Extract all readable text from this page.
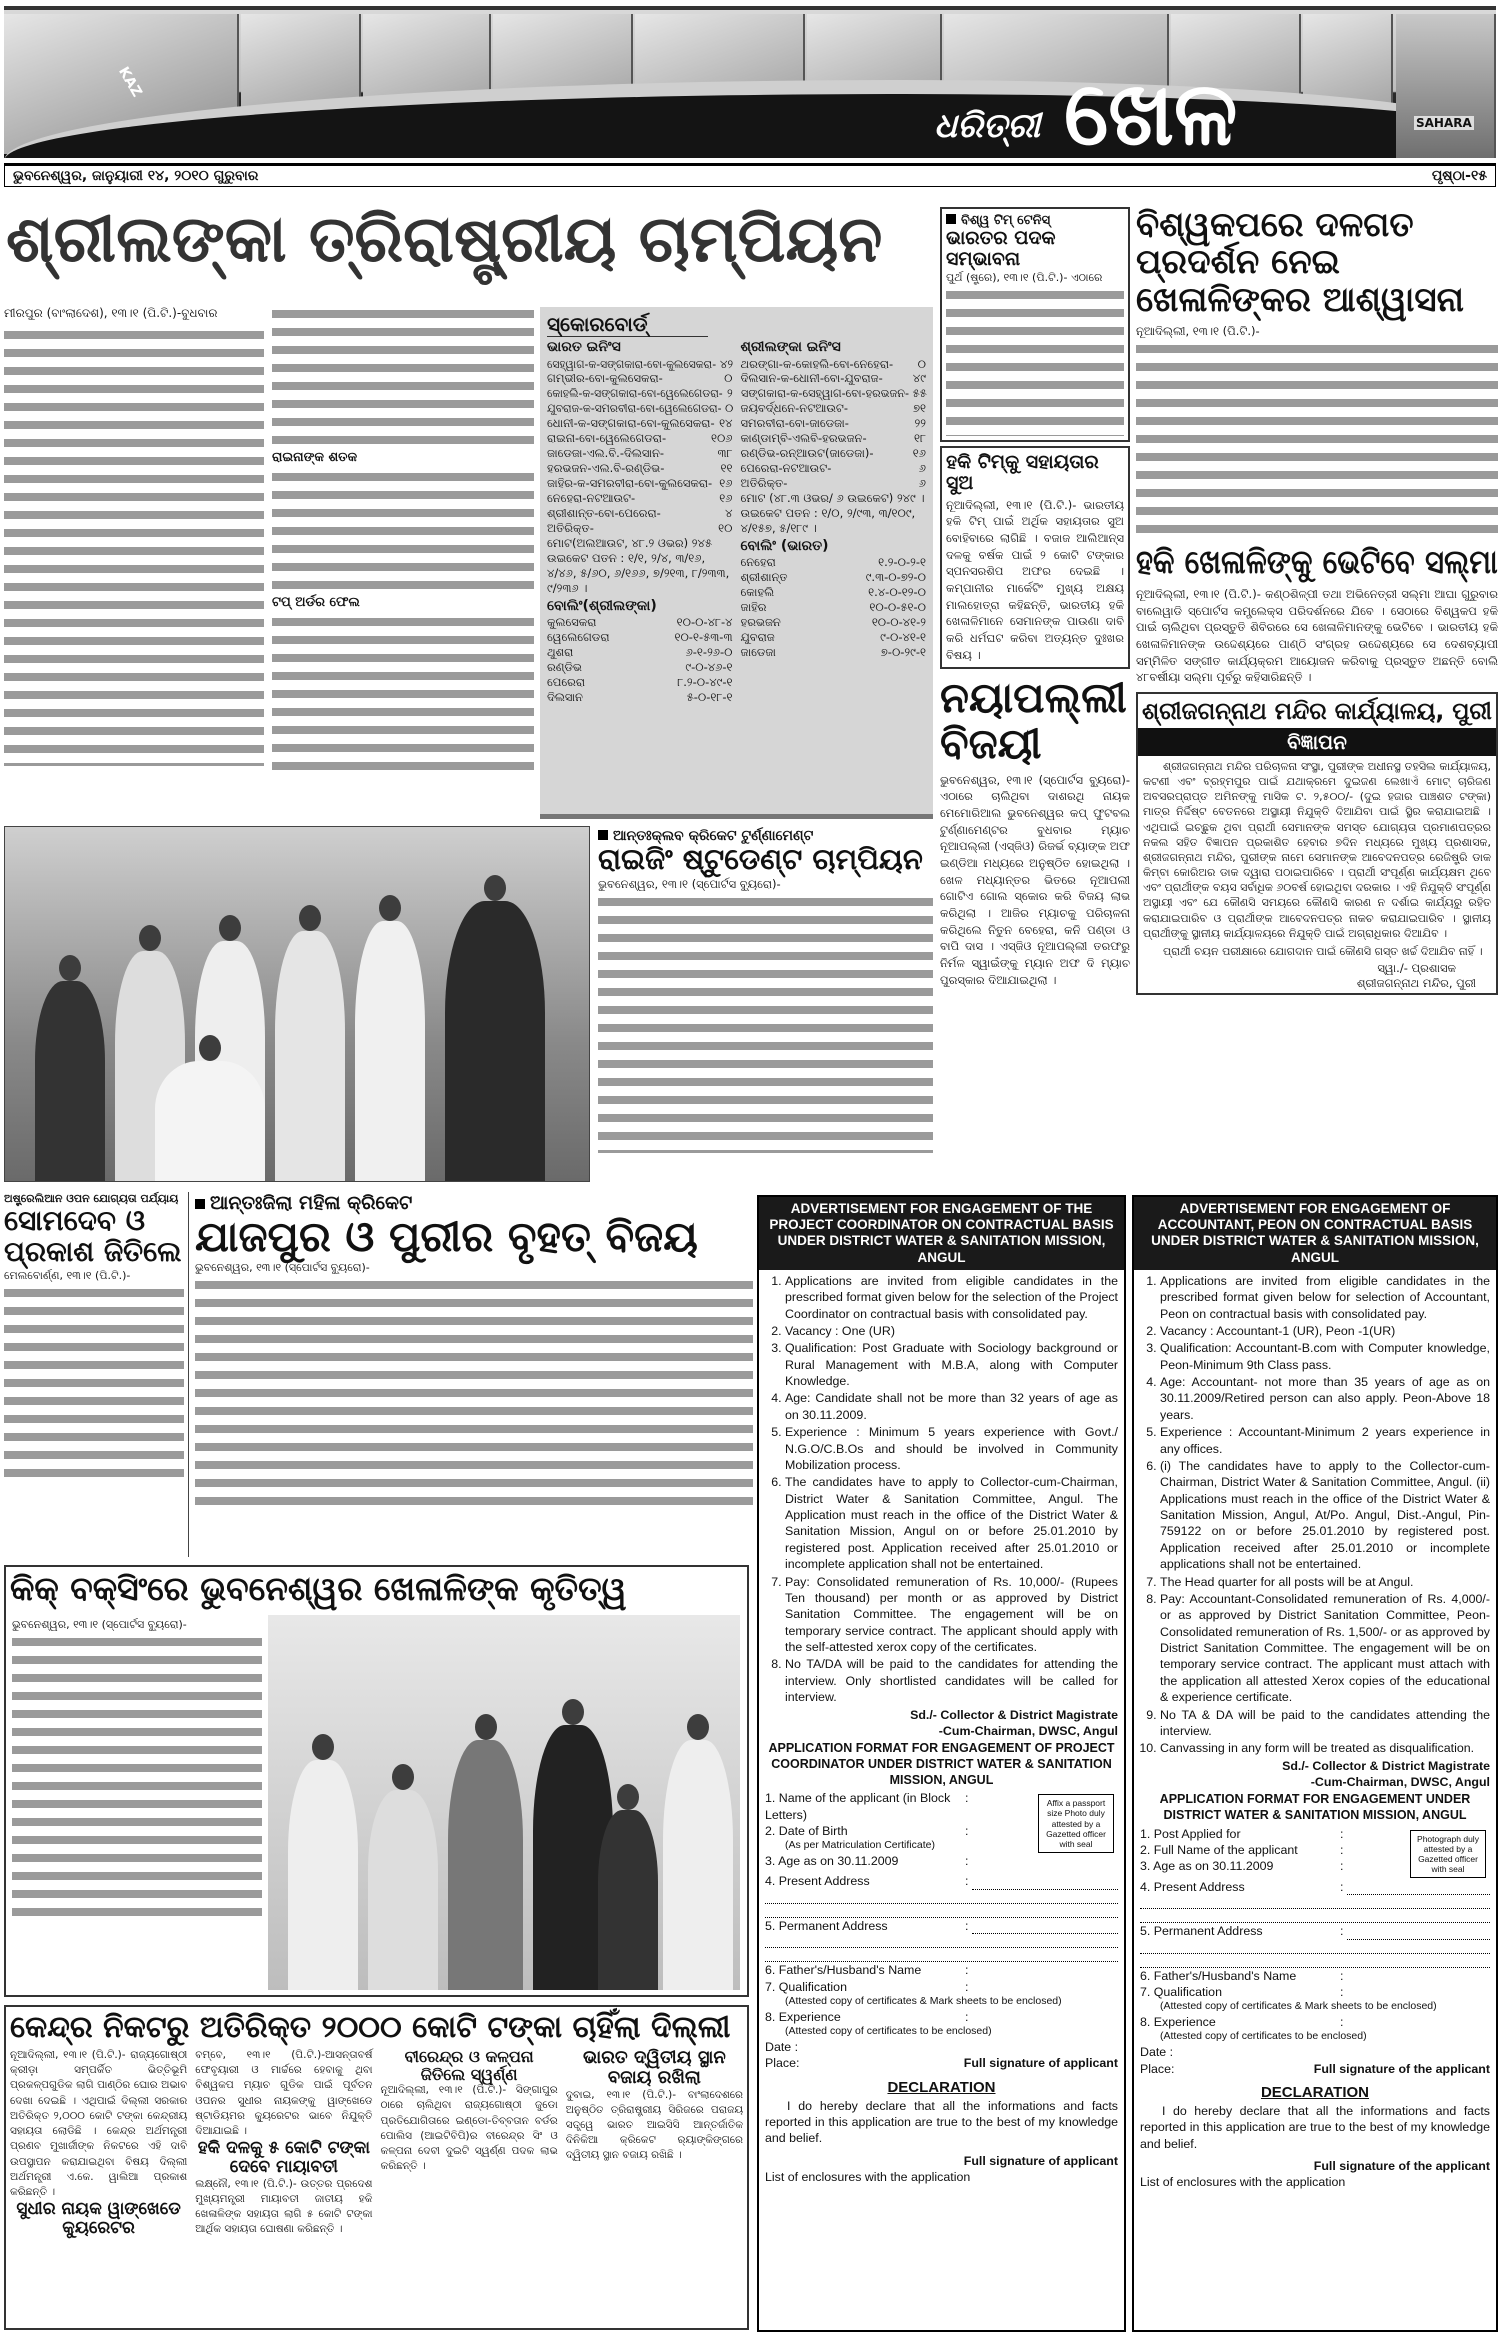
KAZ
SAHARA
ଧରିତ୍ରୀ ଖେଳ
ଭୁବନେଶ୍ୱର, ଜାନୁୟାରୀ ୧୪, ୨୦୧୦ ଗୁରୁବାର	ପୃଷ୍ଠା-୧୫
ଶ୍ରୀଲଙ୍କା ତ୍ରିରାଷ୍ଟ୍ରୀୟ ଚାମ୍ପିୟନ
ମୀରପୁର (ବାଂଲାଦେଶ), ୧୩।୧ (ପି.ଟି.)-ବୁଧବାର
ରାଇନାଙ୍କ ଶତକ
ଟପ୍ ଅର୍ଡର ଫେଲ
ସ୍କୋରବୋର୍ଡ୍
ଭାରତ ଇନିଂସ
ସେହ୍ୱାଗ-କ-ସଙ୍ଗକାରା-ବୋ-କୁଲସେକରା- ୪୨
ଗମ୍ଭୀର-ବୋ-କୁଲସେକରା-	୦
କୋହଲି-କ-ସଙ୍ଗକାରା-ବୋ-ୱେଲେଗେଡରା- ୨
ଯୁବରାଜ-କ-ସମରବୀରା-ବୋ-ୱେଲେଗେଡରା- ୦
ଧୋନୀ-କ-ସଙ୍ଗକାରା-ବୋ-କୁଲସେକରା- ୧୪
ରାଇନା-ବୋ-ୱେଲେଗେଡରା-	୧୦୬
ଜାଡେଜା-ଏଲ.ବି.-ଦିଲସାନ-	୩୮
ହରଭଜନ-ଏଲ.ବି-ରଣ୍ଡିଭ-	୧୧
ଜାହିର-କ-ସମରବୀରା-ବୋ-କୁଲସେକରା- ୧୬
ନେହେରା-ନଟଆଉଟ-	୧୬
ଶ୍ରୀଶାନ୍ତ-ବୋ-ପେରେରା-	୪
ଅତିରିକ୍ତ-	୧୦
ମୋଟ(ଅଲଆଉଟ, ୪୮.୨ ଓଭର) ୨୪୫
ଉଇକେଟ ପତନ : ୧/୧, ୨/୪, ୩/୧୬, ୪/୪୬, ୫/୬୦, ୬/୧୬୬, ୭/୨୧୩, ୮/୨୩୩, ୯/୨୩୬ ।
ବୋଲିଂ(ଶ୍ରୀଲଙ୍କା)
କୁଲସେକରା	୧୦-୦-୪୮-୪
ୱେଲେଗେଡରା	୧୦-୧-୫୩-୩
ଥୁଶରା	୬-୧-୨୬-୦
ରଣ୍ଡିଭ	୯-୦-୪୬-୧
ପେରେରା	୮.୨-୦-୪୯-୧
ଦିଲସାନ	୫-୦-୧୮-୧
ଶ୍ରୀଲଙ୍କା ଇନିଂସ
ଥରଙ୍ଗା-କ-କୋହଲି-ବୋ-ନେହେରା- ୦
ଦିଲସାନ-କ-ଧୋନୀ-ବୋ-ଯୁବରାଜ-	୪୯
ସଙ୍ଗକାରା-କ-ସେହ୍ୱାଗ-ବୋ-ହରଭଜନ- ୫୫
ଜୟବର୍ଦ୍ଧନେ-ନଟଆଉଟ-	୭୧
ସମରବୀରା-ବୋ-ଜାଡେଜା-	୨୨
କାଣ୍ଡାମ୍ବି-ଏଲବି-ହରଭଜନ-	୧୮
ରଣ୍ଡିଭ-ରନ୍‌ଆଉଟ(ଜାଡେଜା)-	୧୬
ପେରେରା-ନଟଆଉଟ-	୬
ଅତିରିକ୍ତ-	୬
ମୋଟ (୪୮.୩ ଓଭର/ ୬ ଉଇକେଟ) ୨୪୯ ।
ଉଇକେଟ ପତନ : ୧/୦, ୨/୯୩, ୩/୧୦୯, ୪/୧୫୭, ୫/୧୮୯ ।
ବୋଲିଂ (ଭାରତ)
ନେହେରା	୧.୨-୦-୨-୧
ଶ୍ରୀଶାନ୍ତ	୯.୩-୦-୭୨-୦
କୋହଲି	୧.୪-୦-୧୨-୦
ଜାହିର	୧୦-୦-୫୧-୦
ହରଭଜନ	୧୦-୦-୪୧-୨
ଯୁବରାଜ	୯-୦-୪୧-୧
ଜାଡେଜା	୭-୦-୨୯-୧
ବିଶ୍ୱ ଟିମ୍ ଟେନିସ୍
ଭାରତର ପଦକ ସମ୍ଭାବନା
ପୁର୍ଥ (ଷ୍ଟ୍ରେ), ୧୩।୧ (ପି.ଟି.)- ଏଠାରେ
ହକି ଟିମ୍‌କୁ ସହାୟତାର ସୁଅ
ନୂଆଦିଲ୍ଲୀ, ୧୩।୧ (ପି.ଟି.)- ଭାରତୀୟ ହକି ଟିମ୍ ପାଇଁ ଅର୍ଥିକ ସହାୟତାର ସୁଅ ବୋହିବାରେ ଲାଗିଛି । ବଜାଜ ଆଲିଆନ୍ସ ଦଳକୁ ବର୍ଷକ ପାଇଁ ୨ କୋଟି ଟଙ୍କାର ସ୍ପନସରଶିପ ଅଫର ଦେଇଛି । କମ୍ପାନୀର ମାର୍କେଟିଂ ମୁଖ୍ୟ ଅକ୍ଷୟ ମାଲହୋତ୍ରା କହିଛନ୍ତି, ଭାରତୀୟ ହକି ଖେଳାଳିମାନେ ସେମାନଙ୍କ ପାଉଣା ଦାବି କରି ଧର୍ମଘଟ କରିବା ଅତ୍ୟନ୍ତ ଦୁଃଖର ବିଷୟ ।
ନୟାପଲ୍ଲୀ ବିଜୟୀ
ଭୁବନେଶ୍ୱର, ୧୩।୧ (ସ୍ପୋର୍ଟସ ବ୍ୟୁରୋ)-ଏଠାରେ ଚାଲିଥିବା ଦାଶରଥି ନାୟକ ମେମୋରିଆଲ ଭୁବନେଶ୍ୱର କପ୍ ଫୁଟବଲ ଟୁର୍ଣ୍ଣାମେଣ୍ଟର ବୁଧବାର ମ୍ୟାଚ ନୂଆପଲ୍ଲୀ (ଏସ୍‌ଜିଓ) ରିଜର୍ଭ ବ୍ୟାଙ୍କ ଅଫ ଇଣ୍ଡିଆ ମଧ୍ୟରେ ଅନୁଷ୍ଠିତ ହୋଇଥିଲା । ଖେଳ ମଧ୍ୟାନ୍ତର ଭିତରେ ନୂଆପଲୀ ଗୋଟିଏ ଗୋଲ ସ୍କୋର କରି ବିଜୟ ଲାଭ କରିଥିଲା । ଆଜିର ମ୍ୟାଚକୁ ପରିଚାଳନା କରିଥିଲେ ନିତୁନ ବେହେରା, କନି ପଣ୍ଡା ଓ ବାପି ଦାସ । ଏସ୍‌ଜିଓ ନୂଆପଲ୍ଲୀ ତରଫରୁ ନିର୍ମଳ ସ୍ୱାଇଁଙ୍କୁ ମ୍ୟାନ ଅଫ ଦି ମ୍ୟାଚ ପୁରସ୍କାର ଦିଆଯାଇଥିଲା ।
ବିଶ୍ୱକପରେ ଦଳଗତ ପ୍ରଦର୍ଶନ ନେଇ ଖେଳାଳିଙ୍କର ଆଶ୍ୱାସନା
ନୂଆଦିଲ୍ଲୀ, ୧୩।୧ (ପି.ଟି.)-
ହକି ଖେଳାଳିଙ୍କୁ ଭେଟିବେ ସଲ୍‌ମା
ନୂଆଦିଲ୍ଲୀ, ୧୩।୧ (ପି.ଟି.)- କଣ୍ଠଶିଳ୍ପୀ ତଥା ଅଭିନେତ୍ରୀ ସଲ୍‌ମା ଆଘା ଗୁରୁବାର ବାଲେୱାଡି ସ୍ପୋର୍ଟସ କମ୍ପ୍ଲେକ୍ସ ପରିଦର୍ଶନରେ ଯିବେ । ସେଠାରେ ବିଶ୍ୱକପ ହକି ପାଇଁ ଚାଲିଥିବା ପ୍ରସ୍ତୁତି ଶିବିରରେ ସେ ଖେଳାଳିମାନଙ୍କୁ ଭେଟିବେ । ଭାରତୀୟ ହକି ଖେଳାଳିମାନଙ୍କ ଉଦ୍ଦେଶ୍ୟରେ ପାଣ୍ଠି ସଂଗ୍ରହ ଉଦ୍ଦେଶ୍ୟରେ ସେ ଦେଶବ୍ୟାପୀ ସମ୍ମିଳିତ ସଙ୍ଗୀତ କାର୍ଯ୍ୟକ୍ରମ ଆୟୋଜନ କରିବାକୁ ପ୍ରସ୍ତୁତ ଅଛନ୍ତି ବୋଲି ୪୮ବର୍ଷୀୟା ସଲ୍‌ମା ପୂର୍ବରୁ କହିସାରିଛନ୍ତି ।
ଶ୍ରୀଜଗନ୍ନାଥ ମନ୍ଦିର କାର୍ଯ୍ୟାଳୟ, ପୁରୀ
ବିଜ୍ଞାପନ
ଶ୍ରୀଜଗନ୍ନାଥ ମନ୍ଦିର ପରିଚାଳନା ସଂସ୍ଥା, ପୁରୀଙ୍କ ଅଧୀନସ୍ଥ ତହସିଲ କାର୍ଯ୍ୟାଳୟ, କଟଣୀ ଏବଂ ବ୍ରହ୍ମପୁର ପାଇଁ ଯଥାକ୍ରମେ ଦୁଇଜଣ ଲେଖାଏଁ ମୋଟ୍ ଚାରିଜଣ ଅବସରପ୍ରାପ୍ତ ଅମିନଙ୍କୁ ମାସିକ ଟ. ୨,୫୦୦/- (ଦୁଇ ହଜାର ପାଞ୍ଚଶତ ଟଙ୍କା) ମାତ୍ର ନିର୍ଦ୍ଦିଷ୍ଟ ବେତନରେ ଅସ୍ଥାୟୀ ନିଯୁକ୍ତି ଦିଆଯିବା ପାଇଁ ସ୍ଥିର କରାଯାଇଅଛି । ଏଥିପାଇଁ ଇଚ୍ଛୁକ ଥିବା ପ୍ରାର୍ଥୀ ସେମାନଙ୍କ ସମସ୍ତ ଯୋଗ୍ୟତା ପ୍ରମାଣପତ୍ରର ନକଲ ସହିତ ବିଜ୍ଞାପନ ପ୍ରକାଶିତ ହେବାର ୭ଦିନ ମଧ୍ୟରେ ମୁଖ୍ୟ ପ୍ରଶାସକ, ଶ୍ରୀଜଗନ୍ନାଥ ମନ୍ଦିର, ପୁରୀଙ୍କ ନାମେ ସେମାନଙ୍କ ଆବେଦନପତ୍ର ରେଜିଷ୍ଟ୍ରି ଡାକ କିମ୍ବା କୋରିଅର ଡାକ ଦ୍ୱାରା ପଠାଇପାରିବେ । ପ୍ରାର୍ଥୀ ସଂପୂର୍ଣ୍ଣ କାର୍ଯ୍ୟକ୍ଷମ ଥିବେ ଏବଂ ପ୍ରାର୍ଥୀଙ୍କ ବୟସ ସର୍ବାଧିକ ୬୦ବର୍ଷ ହୋଇଥିବା ଦରକାର । ଏହି ନିଯୁକ୍ତି ସଂପୂର୍ଣ୍ଣ ଅସ୍ଥାୟୀ ଏବଂ ଯେ କୌଣସି ସମୟରେ କୌଣସି କାରଣ ନ ଦର୍ଶାଇ କାର୍ଯ୍ୟରୁ ରହିତ କରାଯାଇପାରିବ ଓ ପ୍ରାର୍ଥୀଙ୍କ ଆବେଦନପତ୍ର ନାକଚ କରାଯାଇପାରିବ । ସ୍ଥାନୀୟ ପ୍ରାର୍ଥୀଙ୍କୁ ସ୍ଥାନୀୟ କାର୍ଯ୍ୟାଳୟରେ ନିଯୁକ୍ତି ପାଇଁ ଅଗ୍ରାଧିକାର ଦିଆଯିବ ।
ପ୍ରାର୍ଥୀ ଚୟନ ପରୀକ୍ଷାରେ ଯୋଗଦାନ ପାଇଁ କୌଣସି ଗସ୍ତ ଖର୍ଚ୍ଚ ଦିଆଯିବ ନାହିଁ ।
ସ୍ୱା./- ପ୍ରଶାସକ
ଶ୍ରୀଜଗନ୍ନାଥ ମନ୍ଦିର, ପୁରୀ
ଆନ୍ତଃକ୍ଲବ କ୍ରିକେଟ ଟୁର୍ଣ୍ଣାମେଣ୍ଟ
ରାଇଜିଂ ଷ୍ଟୁଡେଣ୍ଟ ଚାମ୍ପିୟନ
ଭୁବନେଶ୍ୱର, ୧୩।୧ (ସ୍ପୋର୍ଟସ ବ୍ୟୁରୋ)-
ଅଷ୍ଟ୍ରେଲିଆନ ଓପନ ଯୋଗ୍ୟତା ପର୍ଯ୍ୟାୟ
ସୋମଦେବ ଓ ପ୍ରକାଶ ଜିତିଲେ
ମେଲବୋର୍ଣ୍ଣ, ୧୩।୧ (ପି.ଟି.)-
ଆନ୍ତଃଜିଲା ମହିଳା କ୍ରିକେଟ
ଯାଜପୁର ଓ ପୁରୀର ବୃହତ୍ ବିଜୟ
ଭୁବନେଶ୍ୱର, ୧୩।୧ (ସ୍ପୋର୍ଟସ ବ୍ୟୁରୋ)-
କିକ୍ ବକ୍ସିଂରେ ଭୁବନେଶ୍ୱର ଖେଳାଳିଙ୍କ କୃତିତ୍ୱ
ଭୁବନେଶ୍ୱର, ୧୩।୧ (ସ୍ପୋର୍ଟସ ବ୍ୟୁରୋ)-
କେନ୍ଦ୍ର ନିକଟରୁ ଅତିରିକ୍ତ ୨୦୦୦ କୋଟି ଟଙ୍କା ଚାହିଁଲା ଦିଲ୍ଲୀ
ନୂଆଦିଲ୍ଲୀ, ୧୩।୧ (ପି.ଟି.)- ରାଜ୍ୟଗୋଷ୍ଠୀ କ୍ରୀଡ଼ା ସମ୍ପର୍କିତ ଭିତ୍ତିଭୂମି ପ୍ରକଳ୍ପଗୁଡିକ ଲାଗି ପାଣ୍ଠିର ଘୋର ଅଭାବ ଦେଖା ଦେଇଛି । ଏଥିପାଇଁ ଦିଲ୍ଲୀ ସରକାର ଅତିରିକ୍ତ ୨,୦୦୦ କୋଟି ଟଙ୍କା କେନ୍ଦ୍ରୀୟ ସହାୟତା ଲୋଡିଛି । କେନ୍ଦ୍ର ଅର୍ଥମନ୍ତ୍ରୀ ପ୍ରଣବ ମୁଖାର୍ଜୀଙ୍କ ନିକଟରେ ଏହି ଦାବି ଉପସ୍ଥାପନ କରାଯାଇଥିବା ବିଷୟ ଦିଲ୍ଲୀ ଅର୍ଥମନ୍ତ୍ରୀ ଏ.କେ. ୱାଲିଆ ପ୍ରକାଶ କରିଛନ୍ତି ।
ସୁଧୀର ନାୟକ ୱାଙ୍ଖେଡେ କ୍ୟୁରେଟର
ବମ୍ବେ, ୧୩।୧ (ପି.ଟି.)-ଆସନ୍ତାବର୍ଷ ଫେବୃୟାରୀ ଓ ମାର୍ଚ୍ଚରେ ହେବାକୁ ଥିବା ବିଶ୍ୱକପ ମ୍ୟାଚ ଗୁଡିକ ପାଇଁ ପୂର୍ବତନ ଓପନର ସୁଧୀର ନାୟକଙ୍କୁ ୱାଙ୍ଖେଡେ ଷ୍ଟାଡିୟମର କ୍ୟୁରେଟର ଭାବେ ନିଯୁକ୍ତି ଦିଆଯାଇଛି ।
ହକି ଦଳକୁ ୫ କୋଟି ଟଙ୍କା ଦେବେ ମାୟାବତୀ
ଲକ୍ଷ୍ନୌ, ୧୩।୧ (ପି.ଟି.)- ଉତ୍ତର ପ୍ରଦେଶ ମୁଖ୍ୟମନ୍ତ୍ରୀ ମାୟାବତୀ ଜାତୀୟ ହକି ଖେଳାଳିଙ୍କ ସହାୟତା ଲାଗି ୫ କୋଟି ଟଙ୍କା ଆର୍ଥିକ ସହାୟତା ଘୋଷଣା କରିଛନ୍ତି ।
ବୀରେନ୍ଦ୍ର ଓ କଳ୍ପନା ଜିତିଲେ ସ୍ୱର୍ଣ୍ଣ
ନୂଆଦିଲ୍ଲୀ, ୧୩।୧ (ପି.ଟି.)- ସିଙ୍ଗାପୁର ଠାରେ ଚାଲିଥିବା ରାଜ୍ୟଗୋଷ୍ଠୀ ଜୁଡୋ ପ୍ରତିଯୋଗିତାରେ ଇଣ୍ଡୋ-ତିବ୍ବତାନ ବର୍ଡର ପୋଲିସ (ଆଇଟିବିପି)ର ବୀରେନ୍ଦ୍ର ସିଂ ଓ କଳ୍ପନା ଦେବୀ ଦୁଇଟି ସ୍ୱର୍ଣ୍ଣ ପଦକ ଲାଭ କରିଛନ୍ତି ।
ଭାରତ ଦ୍ୱିତୀୟ ସ୍ଥାନ ବଜାୟ ରଖିଲା
ଦୁବାଇ, ୧୩।୧ (ପି.ଟି.)- ବାଂଲାଦେଶରେ ଅନୁଷ୍ଠିତ ତ୍ରିରାଷ୍ଟ୍ରୀୟ ସିରିଜରେ ପରାଜୟ ସତ୍ତ୍ୱେ ଭାରତ ଆଇସିସି ଆନ୍ତର୍ଜାତିକ ଦିନିକିଆ କ୍ରିକେଟ ର୍‍ୟାଙ୍କିଙ୍ଗରେ ଦ୍ୱିତୀୟ ସ୍ଥାନ ବଜାୟ ରଖିଛି ।
ADVERTISEMENT FOR ENGAGEMENT OF THE PROJECT COORDINATOR ON CONTRACTUAL BASIS UNDER DISTRICT WATER & SANITATION MISSION, ANGUL
1. Applications are invited from eligible candidates in the prescribed format given below for the selection of the Project Coordinator on contractual basis with consolidated pay.
2. Vacancy : One (UR)
3. Qualification: Post Graduate with Sociology background or Rural Management with M.B.A, along with Computer Knowledge.
4. Age: Candidate shall not be more than 32 years of age as on 30.11.2009.
5. Experience : Minimum 5 years experience with Govt./ N.G.O/C.B.Os and should be involved in Community Mobilization process.
6. The candidates have to apply to Collector-cum-Chairman, District Water & Sanitation Committee, Angul. The Application must reach in the office of the District Water & Sanitation Mission, Angul on or before 25.01.2010 by registered post. Application received after 25.01.2010 or incomplete application shall not be entertained.
7. Pay: Consolidated remuneration of Rs. 10,000/- (Rupees Ten thousand) per month or as approved by District Sanitation Committee. The engagement will be on temporary service contract. The applicant should apply with the self-attested xerox copy of the certificates.
8. No TA/DA will be paid to the candidates for attending the interview. Only shortlisted candidates will be called for interview.
Sd./- Collector & District Magistrate
-Cum-Chairman, DWSC, Angul
APPLICATION FORMAT FOR ENGAGEMENT OF PROJECT COORDINATOR UNDER DISTRICT WATER & SANITATION MISSION, ANGUL
Affix a passport size Photo duly attested by a Gazetted officer with seal
1. Name of the applicant (in Block Letters)
:
2. Date of Birth	:
(As per Matriculation Certificate)
3. Age as on 30.11.2009	:
4. Present Address	:
5. Permanent Address	:
6. Father's/Husband's Name	:
7. Qualification	:
(Attested copy of certificates & Mark sheets to be enclosed)
8. Experience	:
(Attested copy of certificates to be enclosed)
Date :
Place:	Full signature of applicant
DECLARATION
I do hereby declare that all the informations and facts reported in this application are true to the best of my knowledge and belief.
Full signature of applicant
List of enclosures with the application
ADVERTISEMENT FOR ENGAGEMENT OF ACCOUNTANT, PEON ON CONTRACTUAL BASIS UNDER DISTRICT WATER & SANITATION MISSION, ANGUL
1. Applications are invited from eligible candidates in the prescribed format given below for selection of Accountant, Peon on contractual basis with consolidated pay.
2. Vacancy : Accountant-1 (UR), Peon -1(UR)
3. Qualification: Accountant-B.com with Computer knowledge, Peon-Minimum 9th Class pass.
4. Age: Accountant- not more than 35 years of age as on 30.11.2009/Retired person can also apply. Peon-Above 18 years.
5. Experience : Accountant-Minimum 2 years experience in any offices.
6. (i) The candidates have to apply to the Collector-cum-Chairman, District Water & Sanitation Committee, Angul. (ii) Applications must reach in the office of the District Water & Sanitation Mission, Angul, At/Po. Angul, Dist.-Angul, Pin-759122 on or before 25.01.2010 by registered post. Application received after 25.01.2010 or incomplete applications shall not be entertained.
7. The Head quarter for all posts will be at Angul.
8. Pay: Accountant-Consolidated remuneration of Rs. 4,000/- or as approved by District Sanitation Committee, Peon-Consolidated remuneration of Rs. 1,500/- or as approved by District Sanitation Committee. The engagement will be on temporary service contract. The applicant must attach with the application all attested Xerox copies of the educational & experience certificate.
9. No TA & DA will be paid to the candidates attending the interview.
10. Canvassing in any form will be treated as disqualification.
Sd./- Collector & District Magistrate
-Cum-Chairman, DWSC, Angul
APPLICATION FORMAT FOR ENGAGEMENT UNDER DISTRICT WATER & SANITATION MISSION, ANGUL
Photograph duly attested by a Gazetted officer with seal
1. Post Applied for	:
2. Full Name of the applicant	:
3. Age as on 30.11.2009	:
4. Present Address	:
5. Permanent Address	:
6. Father's/Husband's Name	:
7. Qualification	:
(Attested copy of certificates & Mark sheets to be enclosed)
8. Experience	:
(Attested copy of certificates to be enclosed)
Date :
Place:	Full signature of the applicant
DECLARATION
I do hereby declare that all the informations and facts reported in this application are true to the best of my knowledge and belief.
Full signature of the applicant
List of enclosures with the application
